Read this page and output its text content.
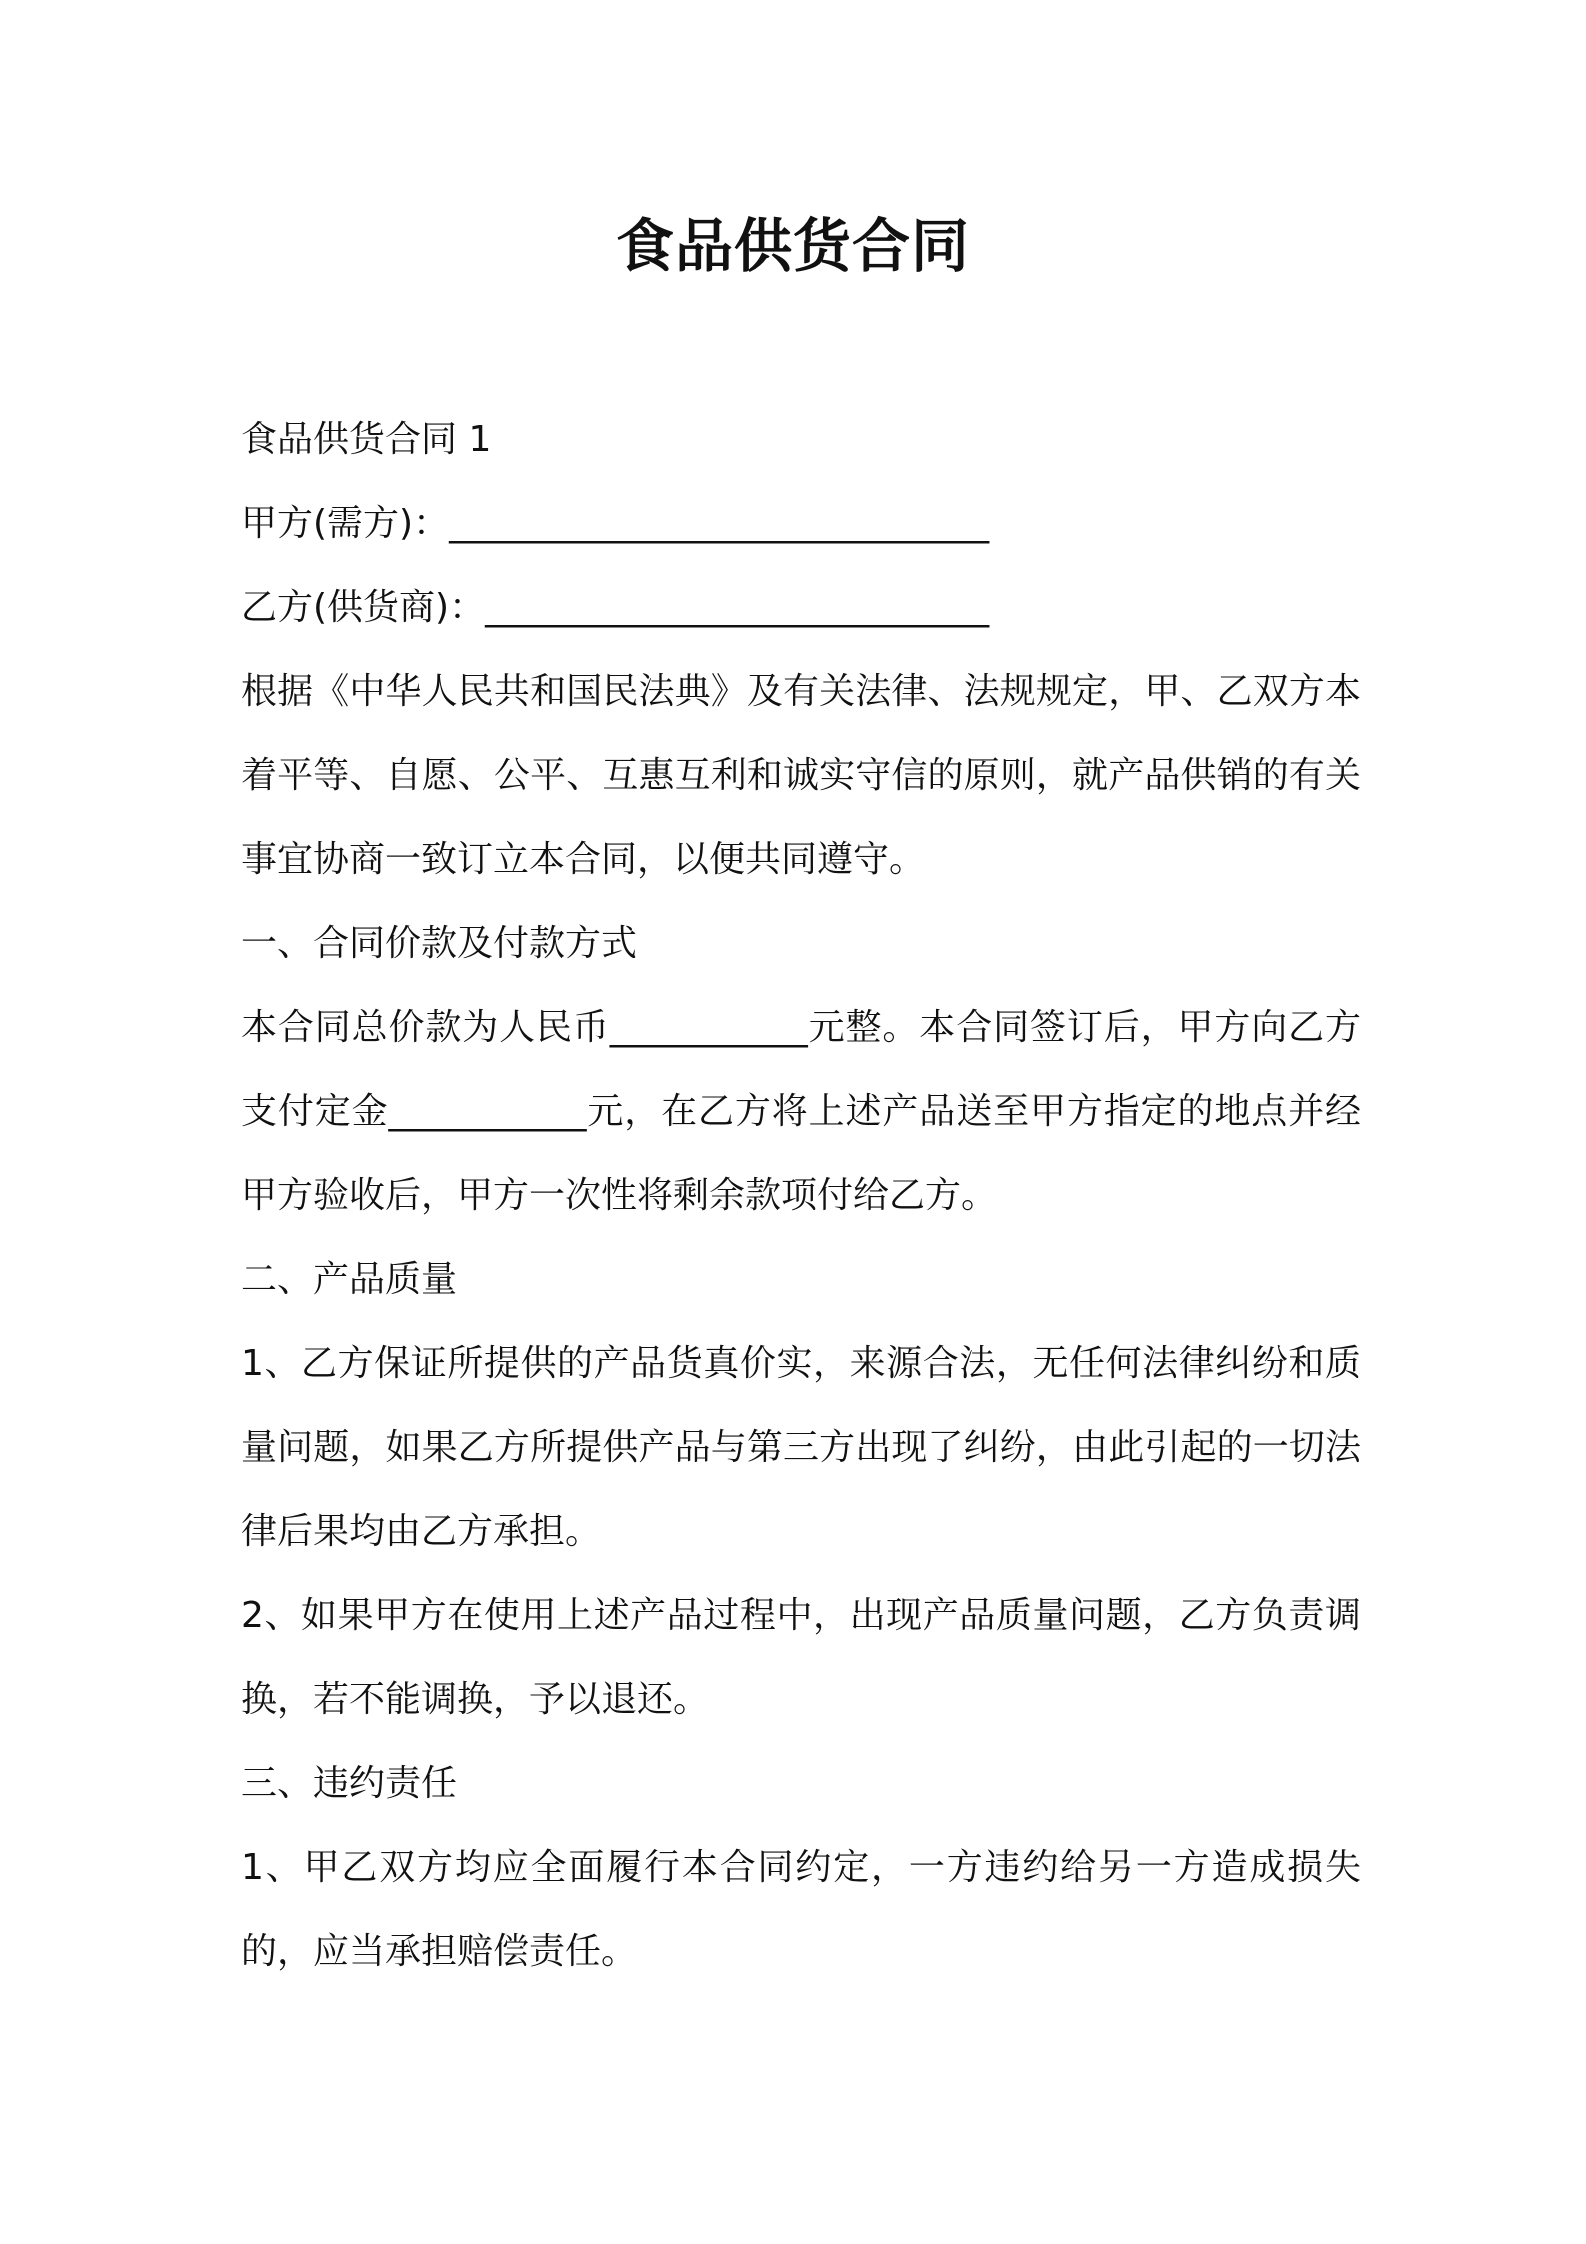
食品供货合同

食品供货合同 1

甲方(需方)：______________________________

乙方(供货商)：____________________________

根据《中华人民共和国民法典》及有关法律、法规规定，甲、乙双方本着平等、自愿、公平、互惠互利和诚实守信的原则，就产品供销的有关事宜协商一致订立本合同，以便共同遵守。

一、合同价款及付款方式

本合同总价款为人民币___________元整。本合同签订后，甲方向乙方支付定金___________元，在乙方将上述产品送至甲方指定的地点并经甲方验收后，甲方一次性将剩余款项付给乙方。

二、产品质量

1、乙方保证所提供的产品货真价实，来源合法，无任何法律纠纷和质量问题，如果乙方所提供产品与第三方出现了纠纷，由此引起的一切法律后果均由乙方承担。

2、如果甲方在使用上述产品过程中，出现产品质量问题，乙方负责调换，若不能调换，予以退还。

三、违约责任

1、甲乙双方均应全面履行本合同约定，一方违约给另一方造成损失的，应当承担赔偿责任。
